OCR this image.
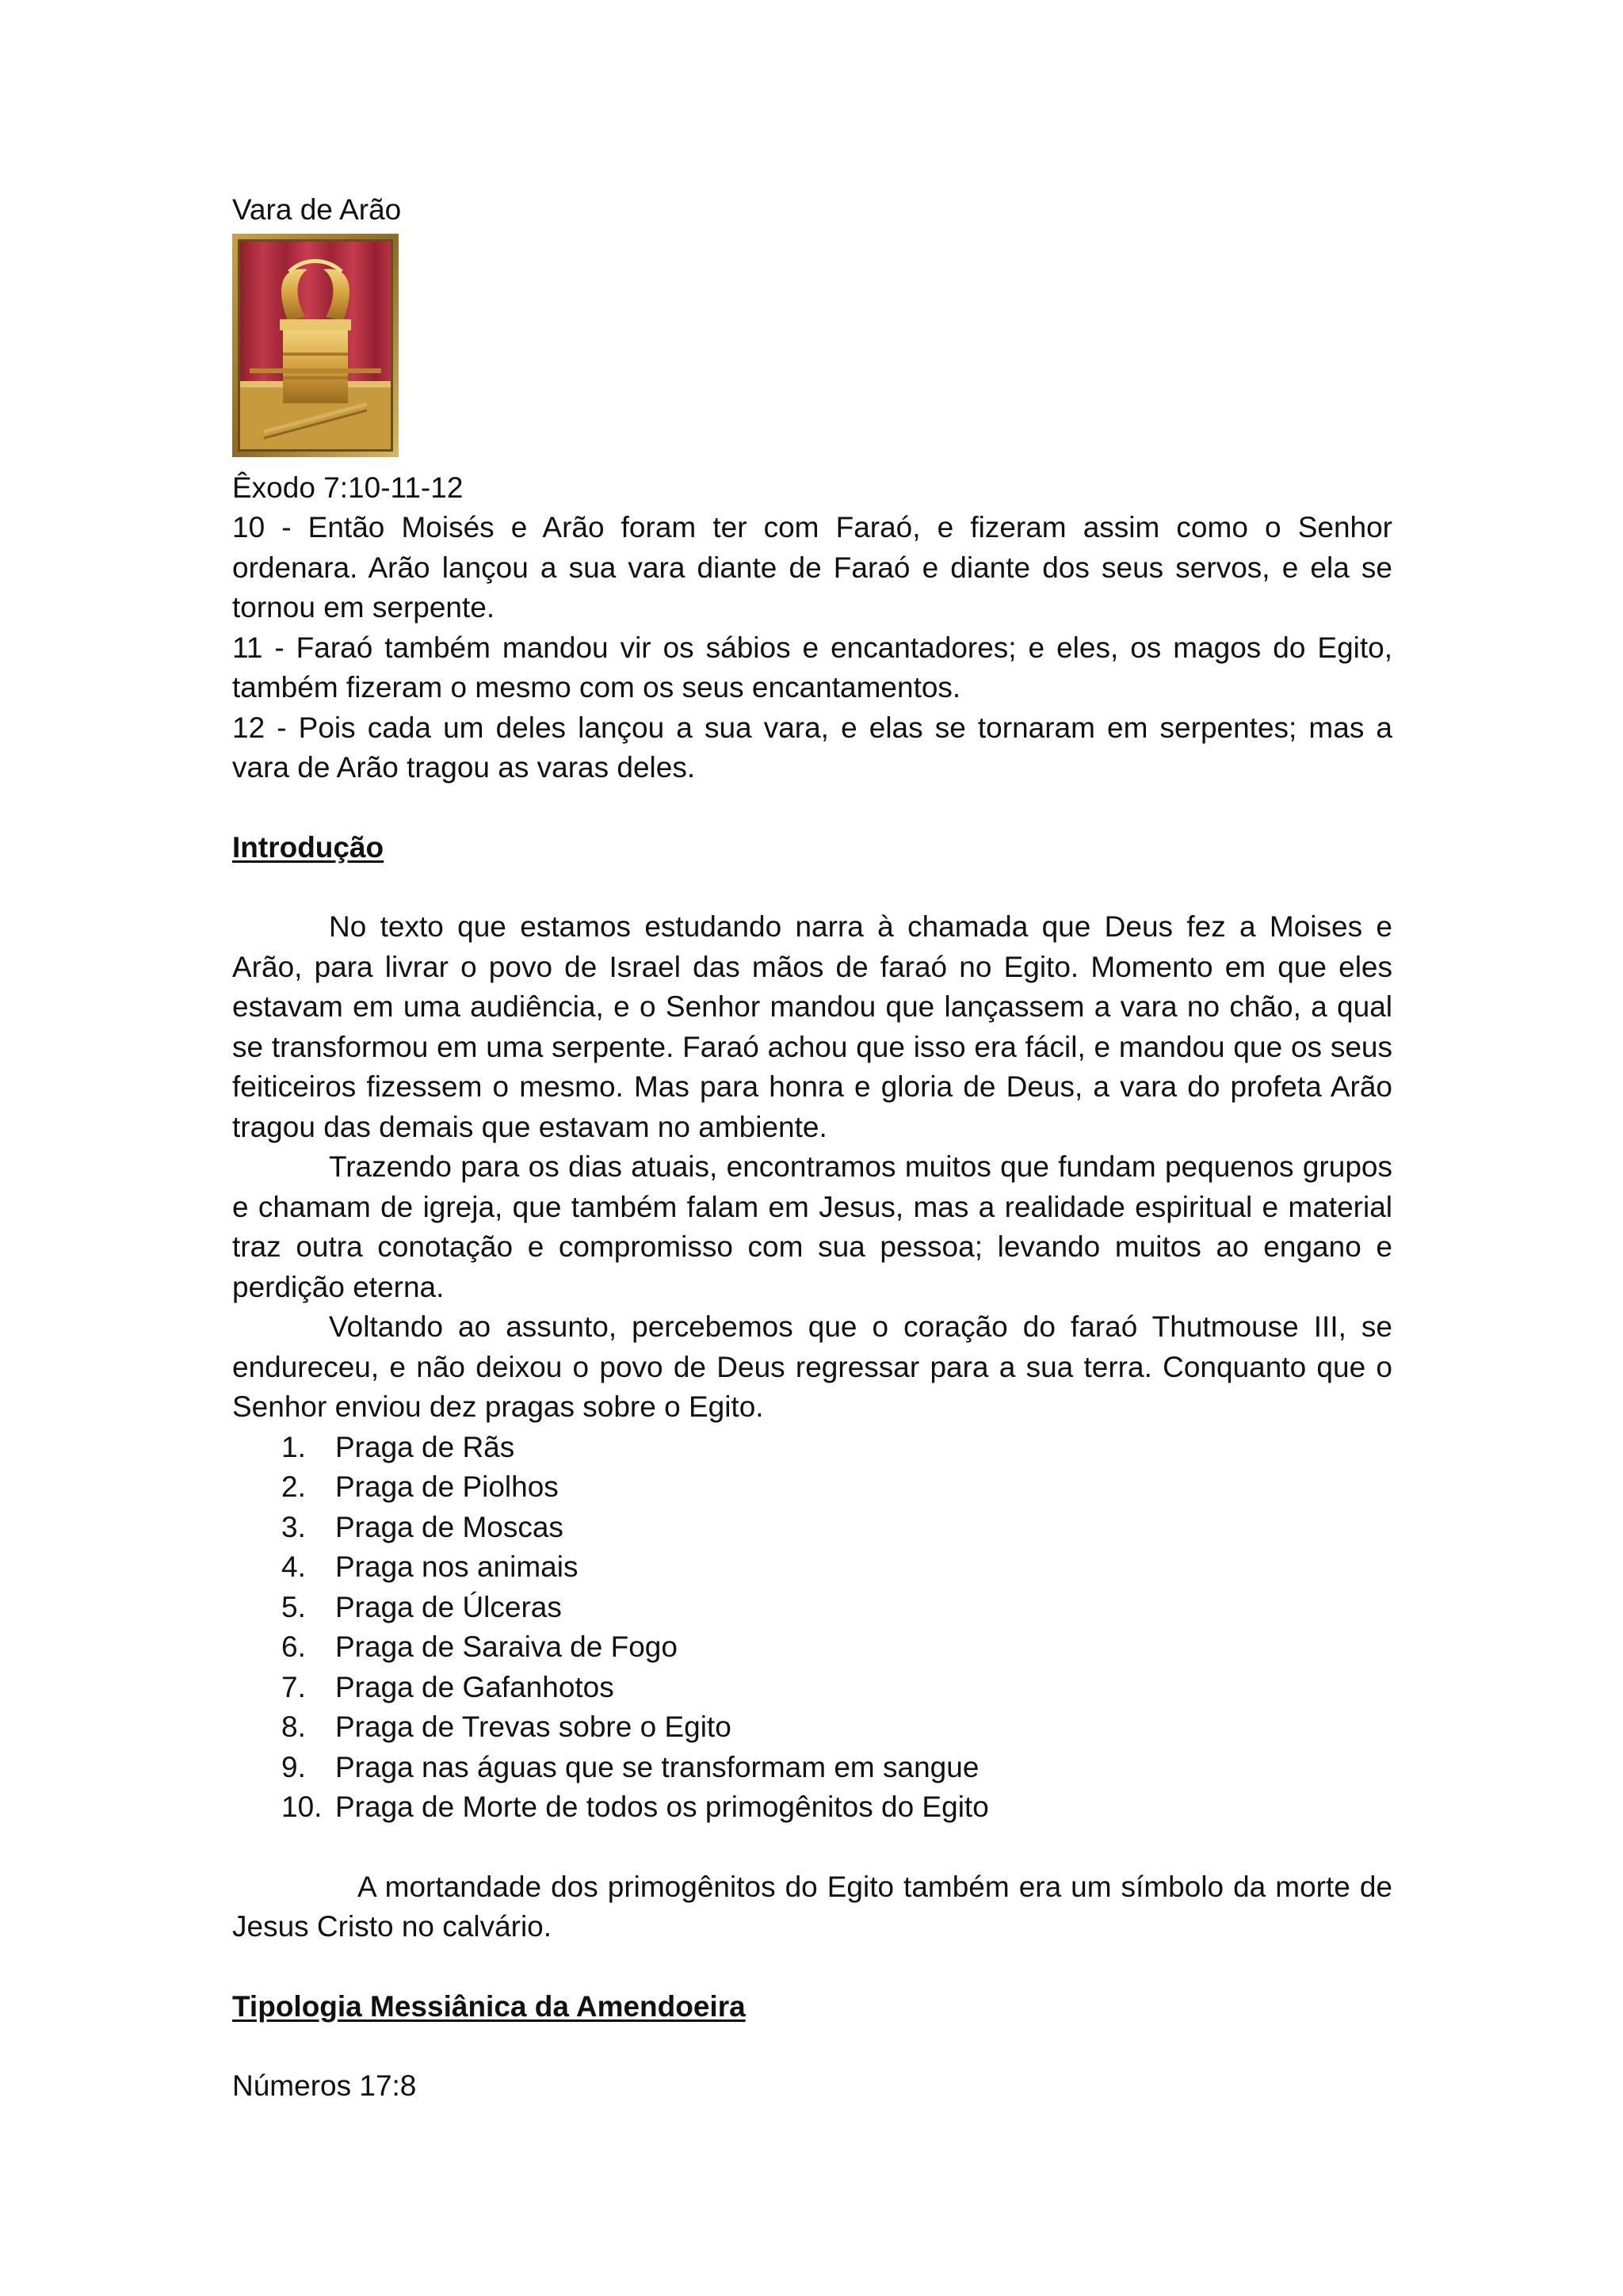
Vara de Arão
Êxodo 7:10-11-12
10 - Então Moisés e Arão foram ter com Faraó, e fizeram assim como o Senhor ordenara. Arão lançou a sua vara diante de Faraó e diante dos seus servos, e ela se tornou em serpente.
11 - Faraó também mandou vir os sábios e encantadores; e eles, os magos do Egito, também fizeram o mesmo com os seus encantamentos.
12 - Pois cada um deles lançou a sua vara, e elas se tornaram em serpentes; mas a vara de Arão tragou as varas deles.
Introdução
No texto que estamos estudando narra à chamada que Deus fez a Moises e Arão, para livrar o povo de Israel das mãos de faraó no Egito. Momento em que eles estavam em uma audiência, e o Senhor mandou que lançassem a vara no chão, a qual se transformou em uma serpente. Faraó achou que isso era fácil, e mandou que os seus feiticeiros fizessem o mesmo. Mas para honra e gloria de Deus, a vara do profeta Arão tragou das demais que estavam no ambiente.
Trazendo para os dias atuais, encontramos muitos que fundam pequenos grupos e chamam de igreja, que também falam em Jesus, mas a realidade espiritual e material traz outra conotação e compromisso com sua pessoa; levando muitos ao engano e perdição eterna.
Voltando ao assunto, percebemos que o coração do faraó Thutmouse III, se endureceu, e não deixou o povo de Deus regressar para a sua terra. Conquanto que o Senhor enviou dez pragas sobre o Egito.
1.	Praga de Rãs
2.	Praga de Piolhos
3.	Praga de Moscas
4.	Praga nos animais
5.	Praga de Úlceras
6.	Praga de Saraiva de Fogo
7.	Praga de Gafanhotos
8.	Praga de Trevas sobre o Egito
9.	Praga nas águas que se transformam em sangue
10. Praga de Morte de todos os primogênitos do Egito
A mortandade dos primogênitos do Egito também era um símbolo da morte de Jesus Cristo no calvário.
Tipologia Messiânica da Amendoeira
Números 17:8
